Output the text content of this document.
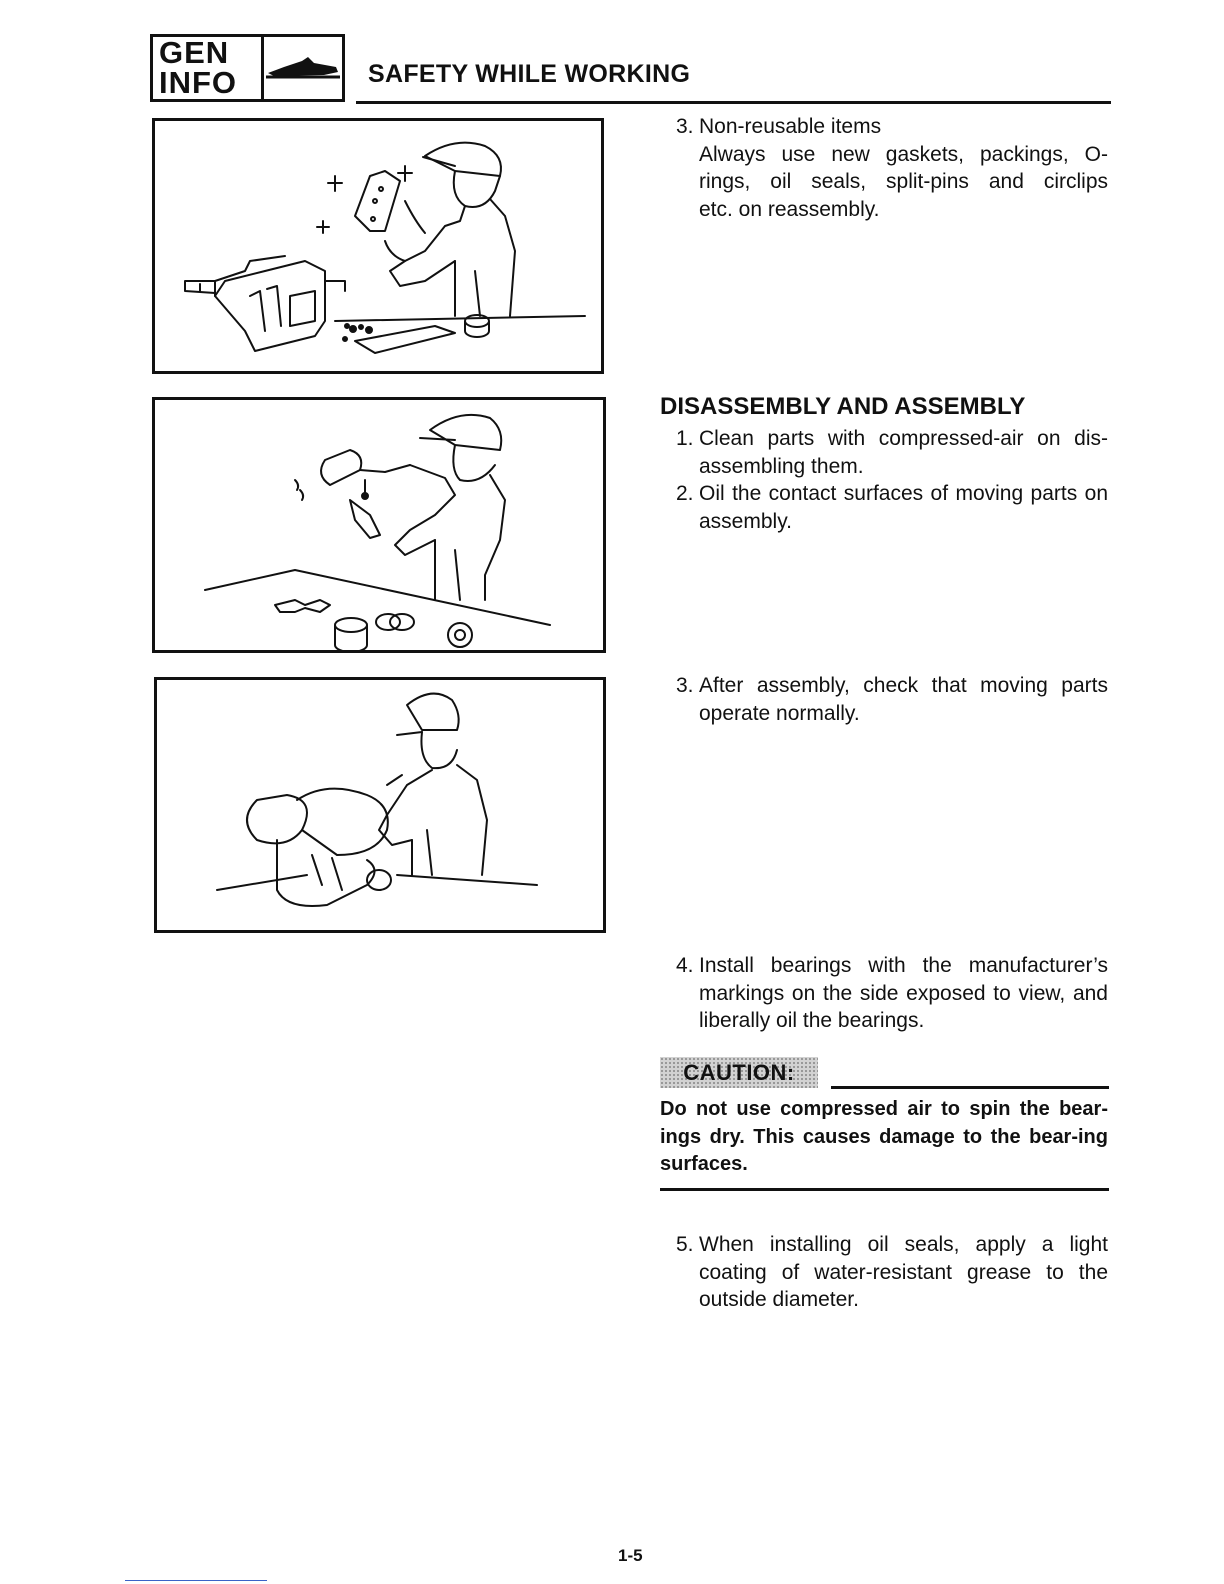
GEN
INFO	SAFETY WHILE WORKING
3. Non-reusable items
Always use new gaskets, packings, O-
rings, oil seals, split-pins and circlips
etc. on reassembly.
DISASSEMBLY AND ASSEMBLY
1. Clean parts with compressed-air on dis-assembling them.
2. Oil the contact surfaces of moving parts on assembly.
3. After assembly, check that moving parts operate normally.
4. Install bearings with the manufacturer’s markings on the side exposed to view, and liberally oil the bearings.
CAUTION:
Do not use compressed air to spin the bear-ings dry. This causes damage to the bear-ing surfaces.
5. When installing oil seals, apply a light coating of water-resistant grease to the outside diameter.
1-5
